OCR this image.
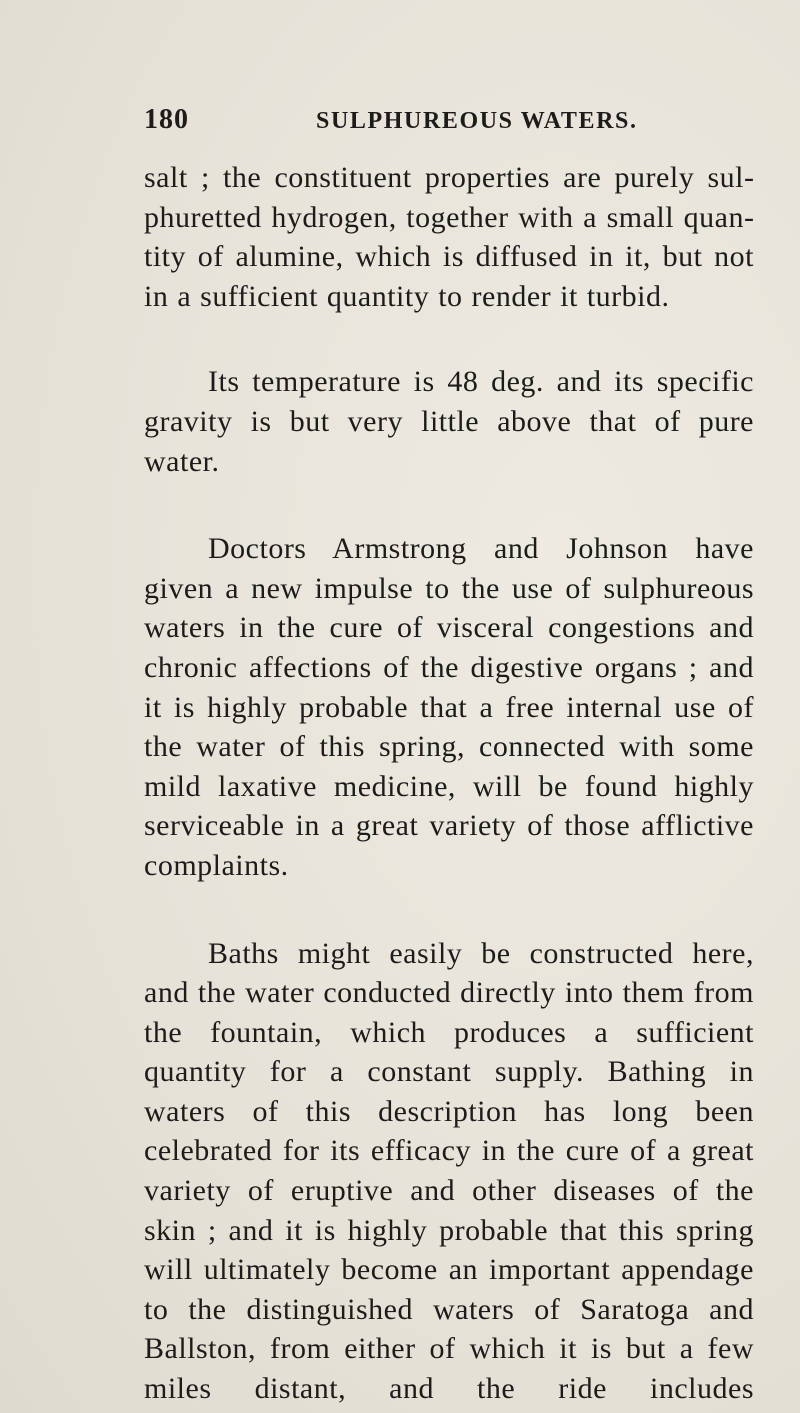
180	SULPHUREOUS WATERS.

salt ; the constituent properties are purely sulphuretted hydrogen, together with a small quantity of alumine, which is diffused in it, but not in a sufficient quantity to render it turbid.

Its temperature is 48 deg. and its specific gravity is but very little above that of pure water.

Doctors Armstrong and Johnson have given a new impulse to the use of sulphureous waters in the cure of visceral congestions and chronic affections of the digestive organs ; and it is highly probable that a free internal use of the water of this spring, connected with some mild laxative medicine, will be found highly serviceable in a great variety of those afflictive complaints.

Baths might easily be constructed here, and the water conducted directly into them from the fountain, which produces a sufficient quantity for a constant supply. Bathing in waters of this description has long been celebrated for its efficacy in the cure of a great variety of eruptive and other diseases of the skin ; and it is highly probable that this spring will ultimately become an important appendage to the distinguished waters of Saratoga and Ballston, from either of which it is but a few miles distant, and the ride includes
